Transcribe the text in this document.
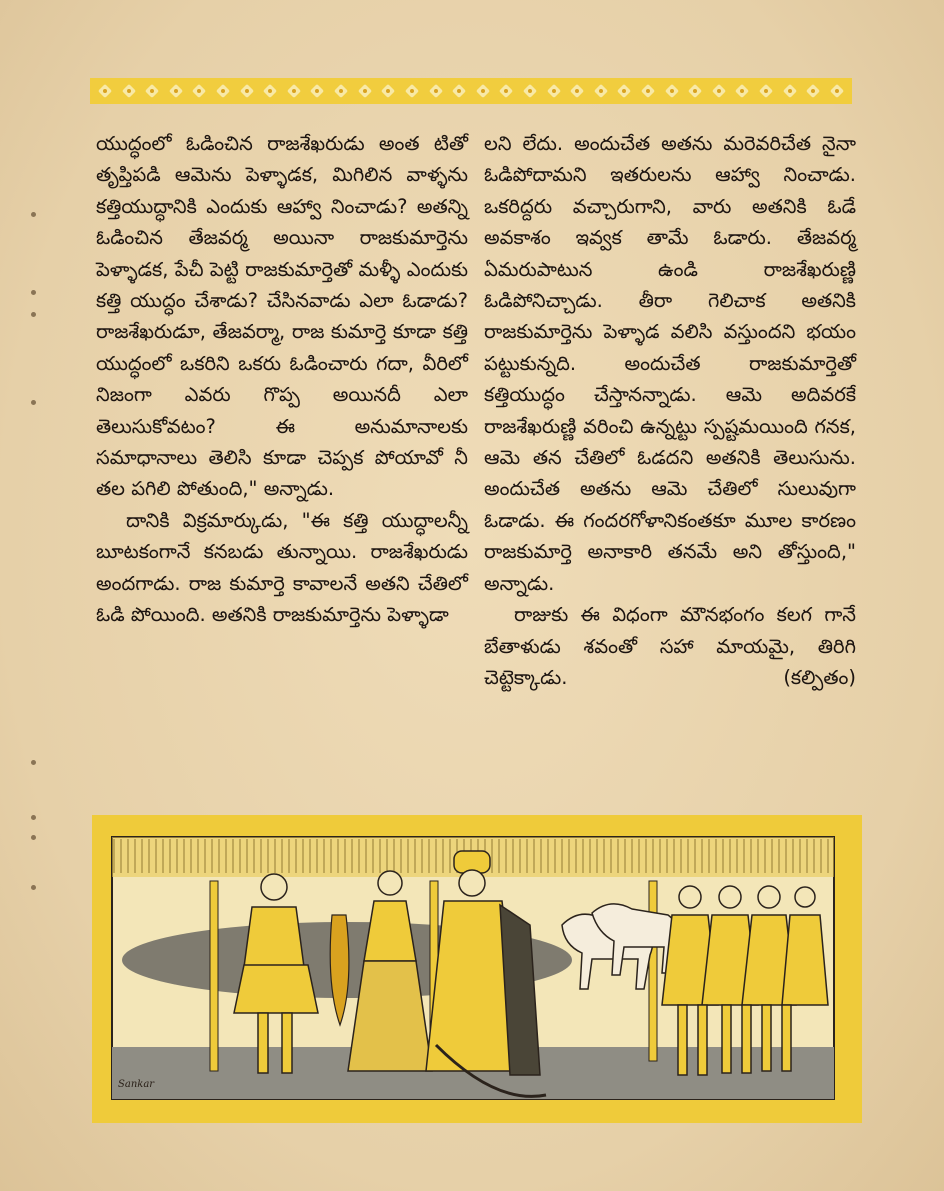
యుద్ధంలో ఓడించిన రాజశేఖరుడు అంత టితో తృప్తిపడి ఆమెను పెళ్ళాడక, మిగిలిన వాళ్ళను కత్తియుద్ధానికి ఎందుకు ఆహ్వా నించాడు? అతన్ని ఓడించిన తేజవర్మ అయినా రాజకుమార్తెను పెళ్ళాడక, పేచీ పెట్టి రాజకుమార్తెతో మళ్ళీ ఎందుకు కత్తి యుద్ధం చేశాడు? చేసినవాడు ఎలా ఓడాడు? రాజశేఖరుడూ, తేజవర్మా, రాజ కుమార్తె కూడా కత్తి యుద్ధంలో ఒకరిని ఒకరు ఓడించారు గదా, వీరిలో నిజంగా ఎవరు గొప్ప అయినదీ ఎలా తెలుసుకోవటం? ఈ అనుమానాలకు సమాధానాలు తెలిసి కూడా చెప్పక పోయావో నీ తల పగిలి పోతుంది," అన్నాడు.

దానికి విక్రమార్కుడు, "ఈ కత్తి యుద్ధాలన్నీ బూటకంగానే కనబడు తున్నాయి. రాజశేఖరుడు అందగాడు. రాజ కుమార్తె కావాలనే అతని చేతిలో ఓడి పోయింది. అతనికి రాజకుమార్తెను పెళ్ళాడా

లని లేదు. అందుచేత అతను మరెవరిచేత నైనా ఓడిపోదామని ఇతరులను ఆహ్వా నించాడు. ఒకరిద్దరు వచ్చారుగాని, వారు అతనికి ఓడే అవకాశం ఇవ్వక తామే ఓడారు. తేజవర్మ ఏమరుపాటున ఉండి రాజశేఖరుణ్ణి ఓడిపోనిచ్చాడు. తీరా గెలిచాక అతనికి రాజకుమార్తెను పెళ్ళాడ వలిసి వస్తుందని భయం పట్టుకున్నది. అందుచేత రాజకుమార్తెతో కత్తియుద్ధం చేస్తానన్నాడు. ఆమె అదివరకే రాజశేఖరుణ్ణి వరించి ఉన్నట్టు స్పష్టమయింది గనక, ఆమె తన చేతిలో ఓడదని అతనికి తెలుసును. అందుచేత అతను ఆమె చేతిలో సులువుగా ఓడాడు. ఈ గందరగోళానికంతకూ మూల కారణం రాజకుమార్తె అనాకారి తనమే అని తోస్తుంది," అన్నాడు.

రాజుకు ఈ విధంగా మౌనభంగం కలగ గానే బేతాళుడు శవంతో సహా మాయమై, తిరిగి చెట్టెక్కాడు.	(కల్పితం)

Sankar
